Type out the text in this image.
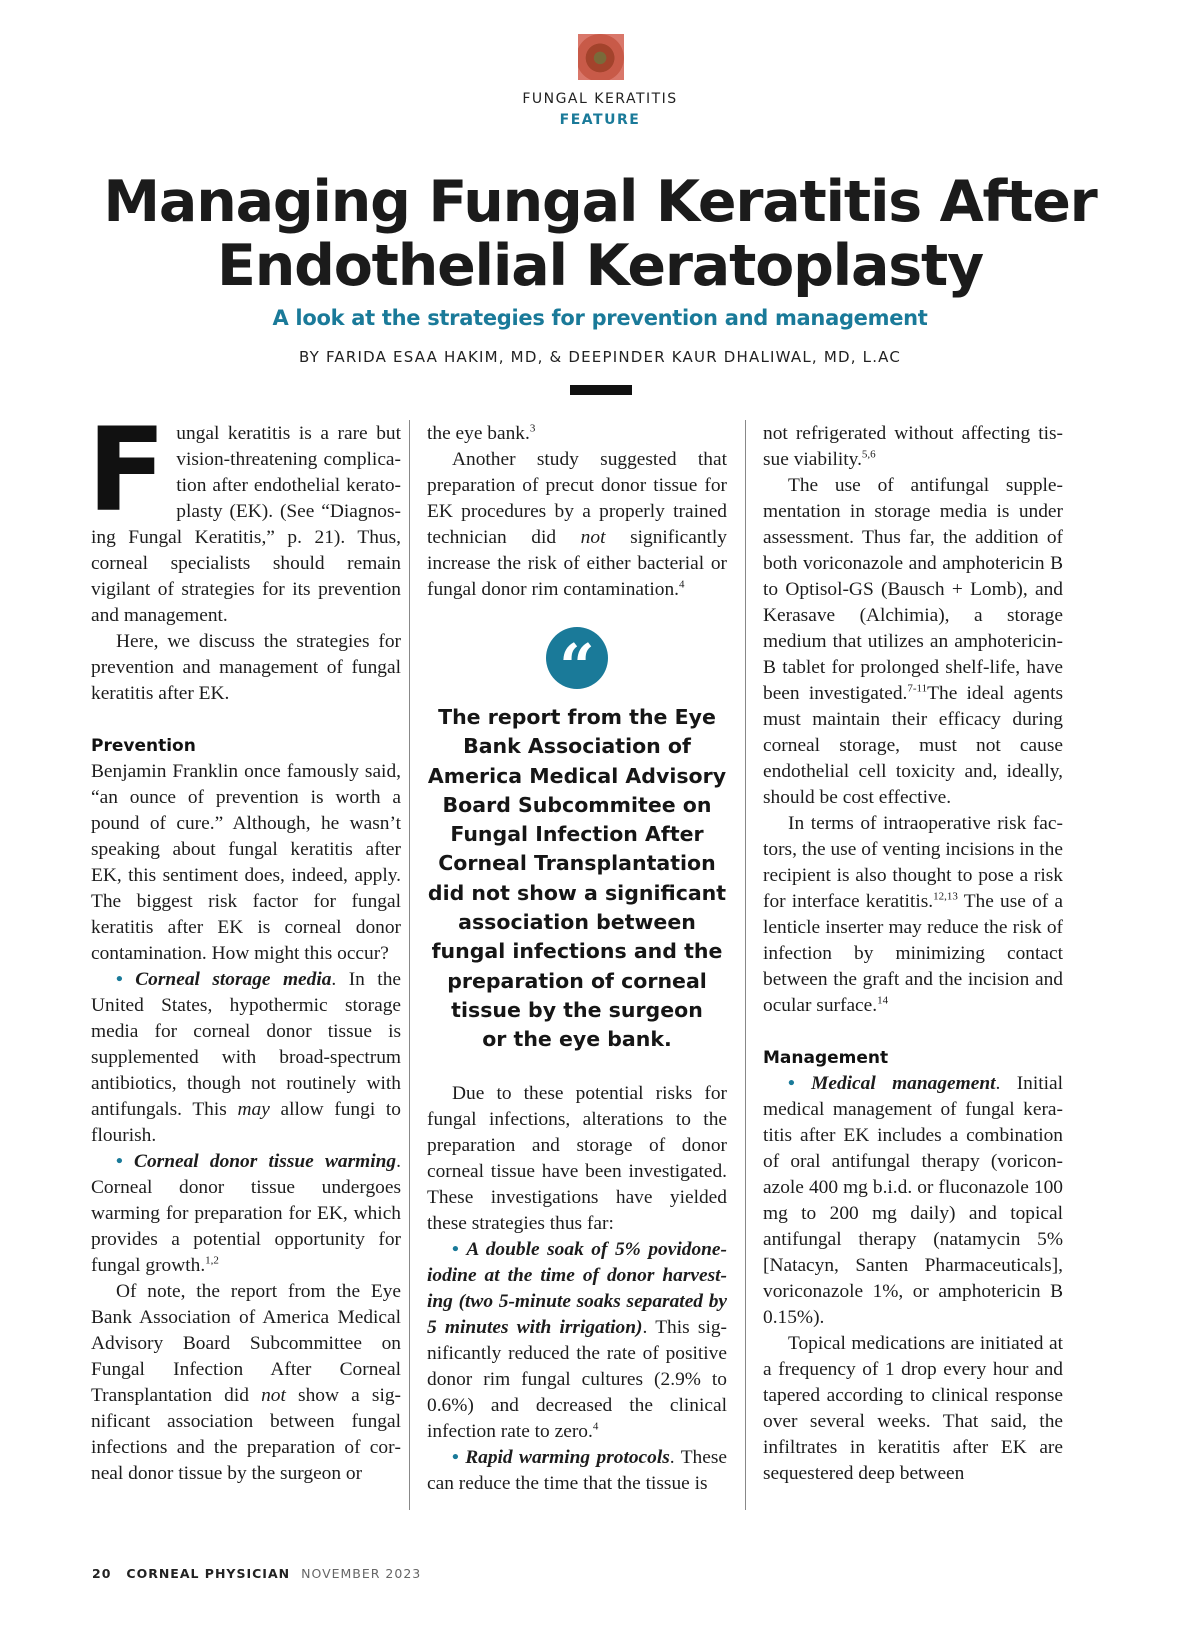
FUNGAL KERATITIS
FEATURE
Managing Fungal Keratitis After
Endothelial Keratoplasty
A look at the strategies for prevention and management
BY FARIDA ESAA HAKIM, MD, & DEEPINDER KAUR DHALIWAL, MD, L.AC

Fungal keratitis is a rare but vision-threatening complication after endothelial keratoplasty (EK). (See “Diagnosing Fungal Keratitis,” p. 21). Thus, corneal specialists should remain vigilant of strategies for its prevention and management.

Here, we discuss the strategies for prevention and management of fungal keratitis after EK.

Prevention

Benjamin Franklin once famously said, “an ounce of prevention is worth a pound of cure.” Although, he wasn’t speaking about fungal keratitis after EK, this sentiment does, indeed, apply. The biggest risk factor for fungal keratitis after EK is corneal donor contamination. How might this occur?

• Corneal storage media. In the United States, hypothermic storage media for corneal donor tissue is supplemented with broad-spectrum antibiotics, though not routinely with antifungals. This may allow fungi to flourish.

• Corneal donor tissue warming. Corneal donor tissue undergoes warming for preparation for EK, which provides a potential opportunity for fungal growth.$^{1,2}$

Of note, the report from the Eye Bank Association of America Medical Advisory Board Subcommittee on Fungal Infection After Corneal Transplantation did not show a significant association between fungal infections and the preparation of corneal donor tissue by the surgeon or

the eye bank.$^3$

Another study suggested that preparation of precut donor tissue for EK procedures by a properly trained technician did not significantly increase the risk of either bacterial or fungal donor rim contamination.$^4$

“

The report from the Eye
Bank Association of
America Medical Advisory
Board Subcommitee on
Fungal Infection After
Corneal Transplantation
did not show a significant
association between
fungal infections and the
preparation of corneal
tissue by the surgeon
or the eye bank.

Due to these potential risks for fungal infections, alterations to the preparation and storage of donor corneal tissue have been investigated. These investigations have yielded these strategies thus far:

• A double soak of 5% povidone-iodine at the time of donor harvesting (two 5-minute soaks separated by 5 minutes with irrigation). This significantly reduced the rate of positive donor rim fungal cultures (2.9% to 0.6%) and decreased the clinical infection rate to zero.$^4$

• Rapid warming protocols. These can reduce the time that the tissue is

not refrigerated without affecting tissue viability.$^{5,6}$

The use of antifungal supplementation in storage media is under assessment. Thus far, the addition of both voriconazole and amphotericin B to Optisol-GS (Bausch + Lomb), and Kerasave (Alchimia), a storage medium that utilizes an amphotericin-B tablet for prolonged shelf-life, have been investigated.$^{7-11}$The ideal agents must maintain their efficacy during corneal storage, must not cause endothelial cell toxicity and, ideally, should be cost effective.

In terms of intraoperative risk factors, the use of venting incisions in the recipient is also thought to pose a risk for interface keratitis.$^{12,13}$ The use of a lenticle inserter may reduce the risk of infection by minimizing contact between the graft and the incision and ocular surface.$^{14}$

Management

• Medical management. Initial medical management of fungal keratitis after EK includes a combination of oral antifungal therapy (voriconazole 400 mg b.i.d. or fluconazole 100 mg to 200 mg daily) and topical antifungal therapy (natamycin 5% [Natacyn, Santen Pharmaceuticals], voriconazole 1%, or amphotericin B 0.15%).

Topical medications are initiated at a frequency of 1 drop every hour and tapered according to clinical response over several weeks. That said, the infiltrates in keratitis after EK are sequestered deep between

20 CORNEAL PHYSICIAN NOVEMBER 2023
